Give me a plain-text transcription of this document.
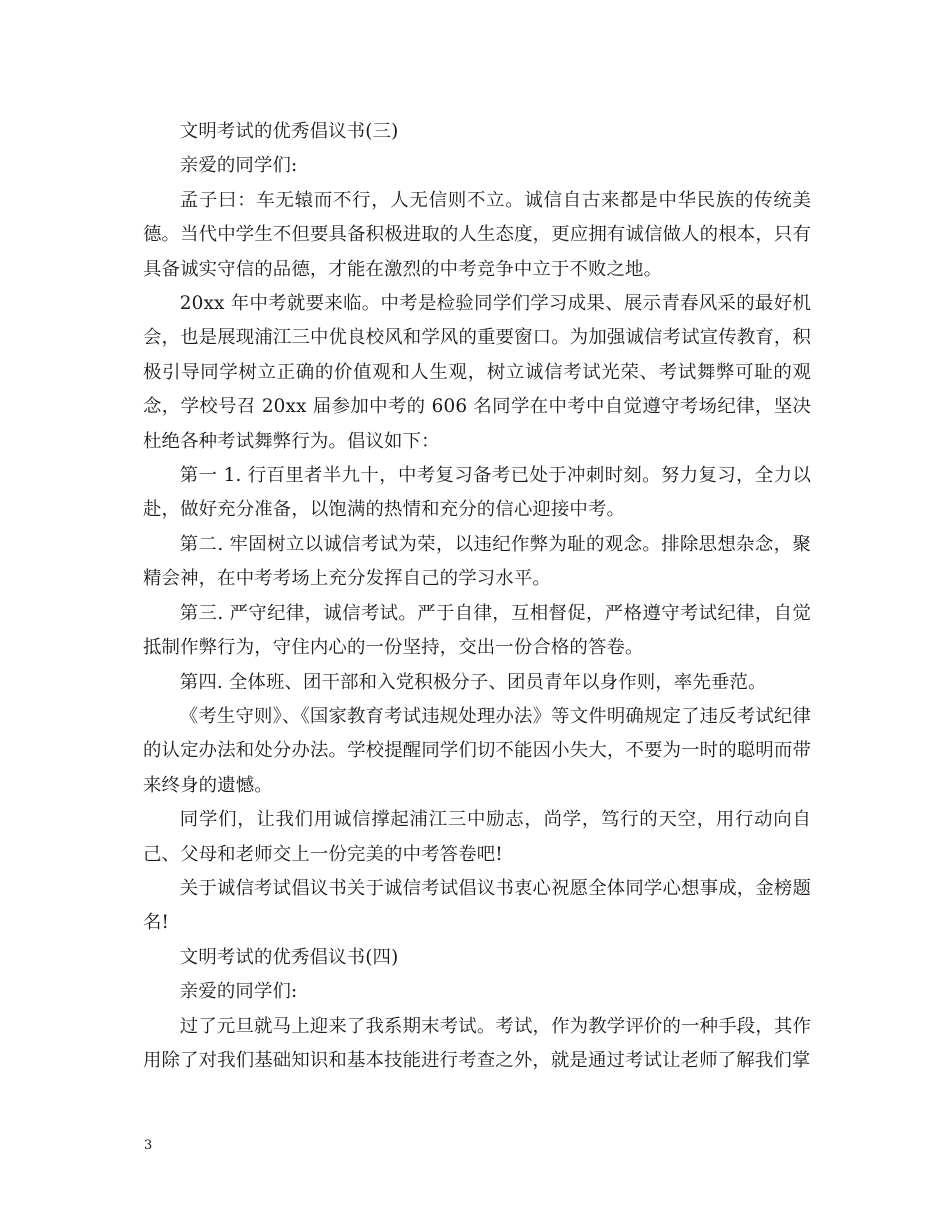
文明考试的优秀倡议书(三)

亲爱的同学们:

孟子曰：车无辕而不行，人无信则不立。诚信自古来都是中华民族的传统美德。当代中学生不但要具备积极进取的人生态度，更应拥有诚信做人的根本，只有具备诚实守信的品德，才能在激烈的中考竞争中立于不败之地。

20xx 年中考就要来临。中考是检验同学们学习成果、展示青春风采的最好机会，也是展现浦江三中优良校风和学风的重要窗口。为加强诚信考试宣传教育，积极引导同学树立正确的价值观和人生观，树立诚信考试光荣、考试舞弊可耻的观念，学校号召 20xx 届参加中考的 606 名同学在中考中自觉遵守考场纪律，坚决杜绝各种考试舞弊行为。倡议如下：

第一 1. 行百里者半九十，中考复习备考已处于冲刺时刻。努力复习，全力以赴，做好充分准备，以饱满的热情和充分的信心迎接中考。

第二. 牢固树立以诚信考试为荣，以违纪作弊为耻的观念。排除思想杂念，聚精会神，在中考考场上充分发挥自己的学习水平。

第三. 严守纪律，诚信考试。严于自律，互相督促，严格遵守考试纪律，自觉抵制作弊行为，守住内心的一份坚持，交出一份合格的答卷。

第四. 全体班、团干部和入党积极分子、团员青年以身作则，率先垂范。

《考生守则》、《国家教育考试违规处理办法》等文件明确规定了违反考试纪律的认定办法和处分办法。学校提醒同学们切不能因小失大，不要为一时的聪明而带来终身的遗憾。

同学们，让我们用诚信撑起浦江三中励志，尚学，笃行的天空，用行动向自己、父母和老师交上一份完美的中考答卷吧!

关于诚信考试倡议书关于诚信考试倡议书衷心祝愿全体同学心想事成，金榜题名!

文明考试的优秀倡议书(四)

亲爱的同学们:

过了元旦就马上迎来了我系期末考试。考试，作为教学评价的一种手段，其作用除了对我们基础知识和基本技能进行考查之外，就是通过考试让老师了解我们掌

3
